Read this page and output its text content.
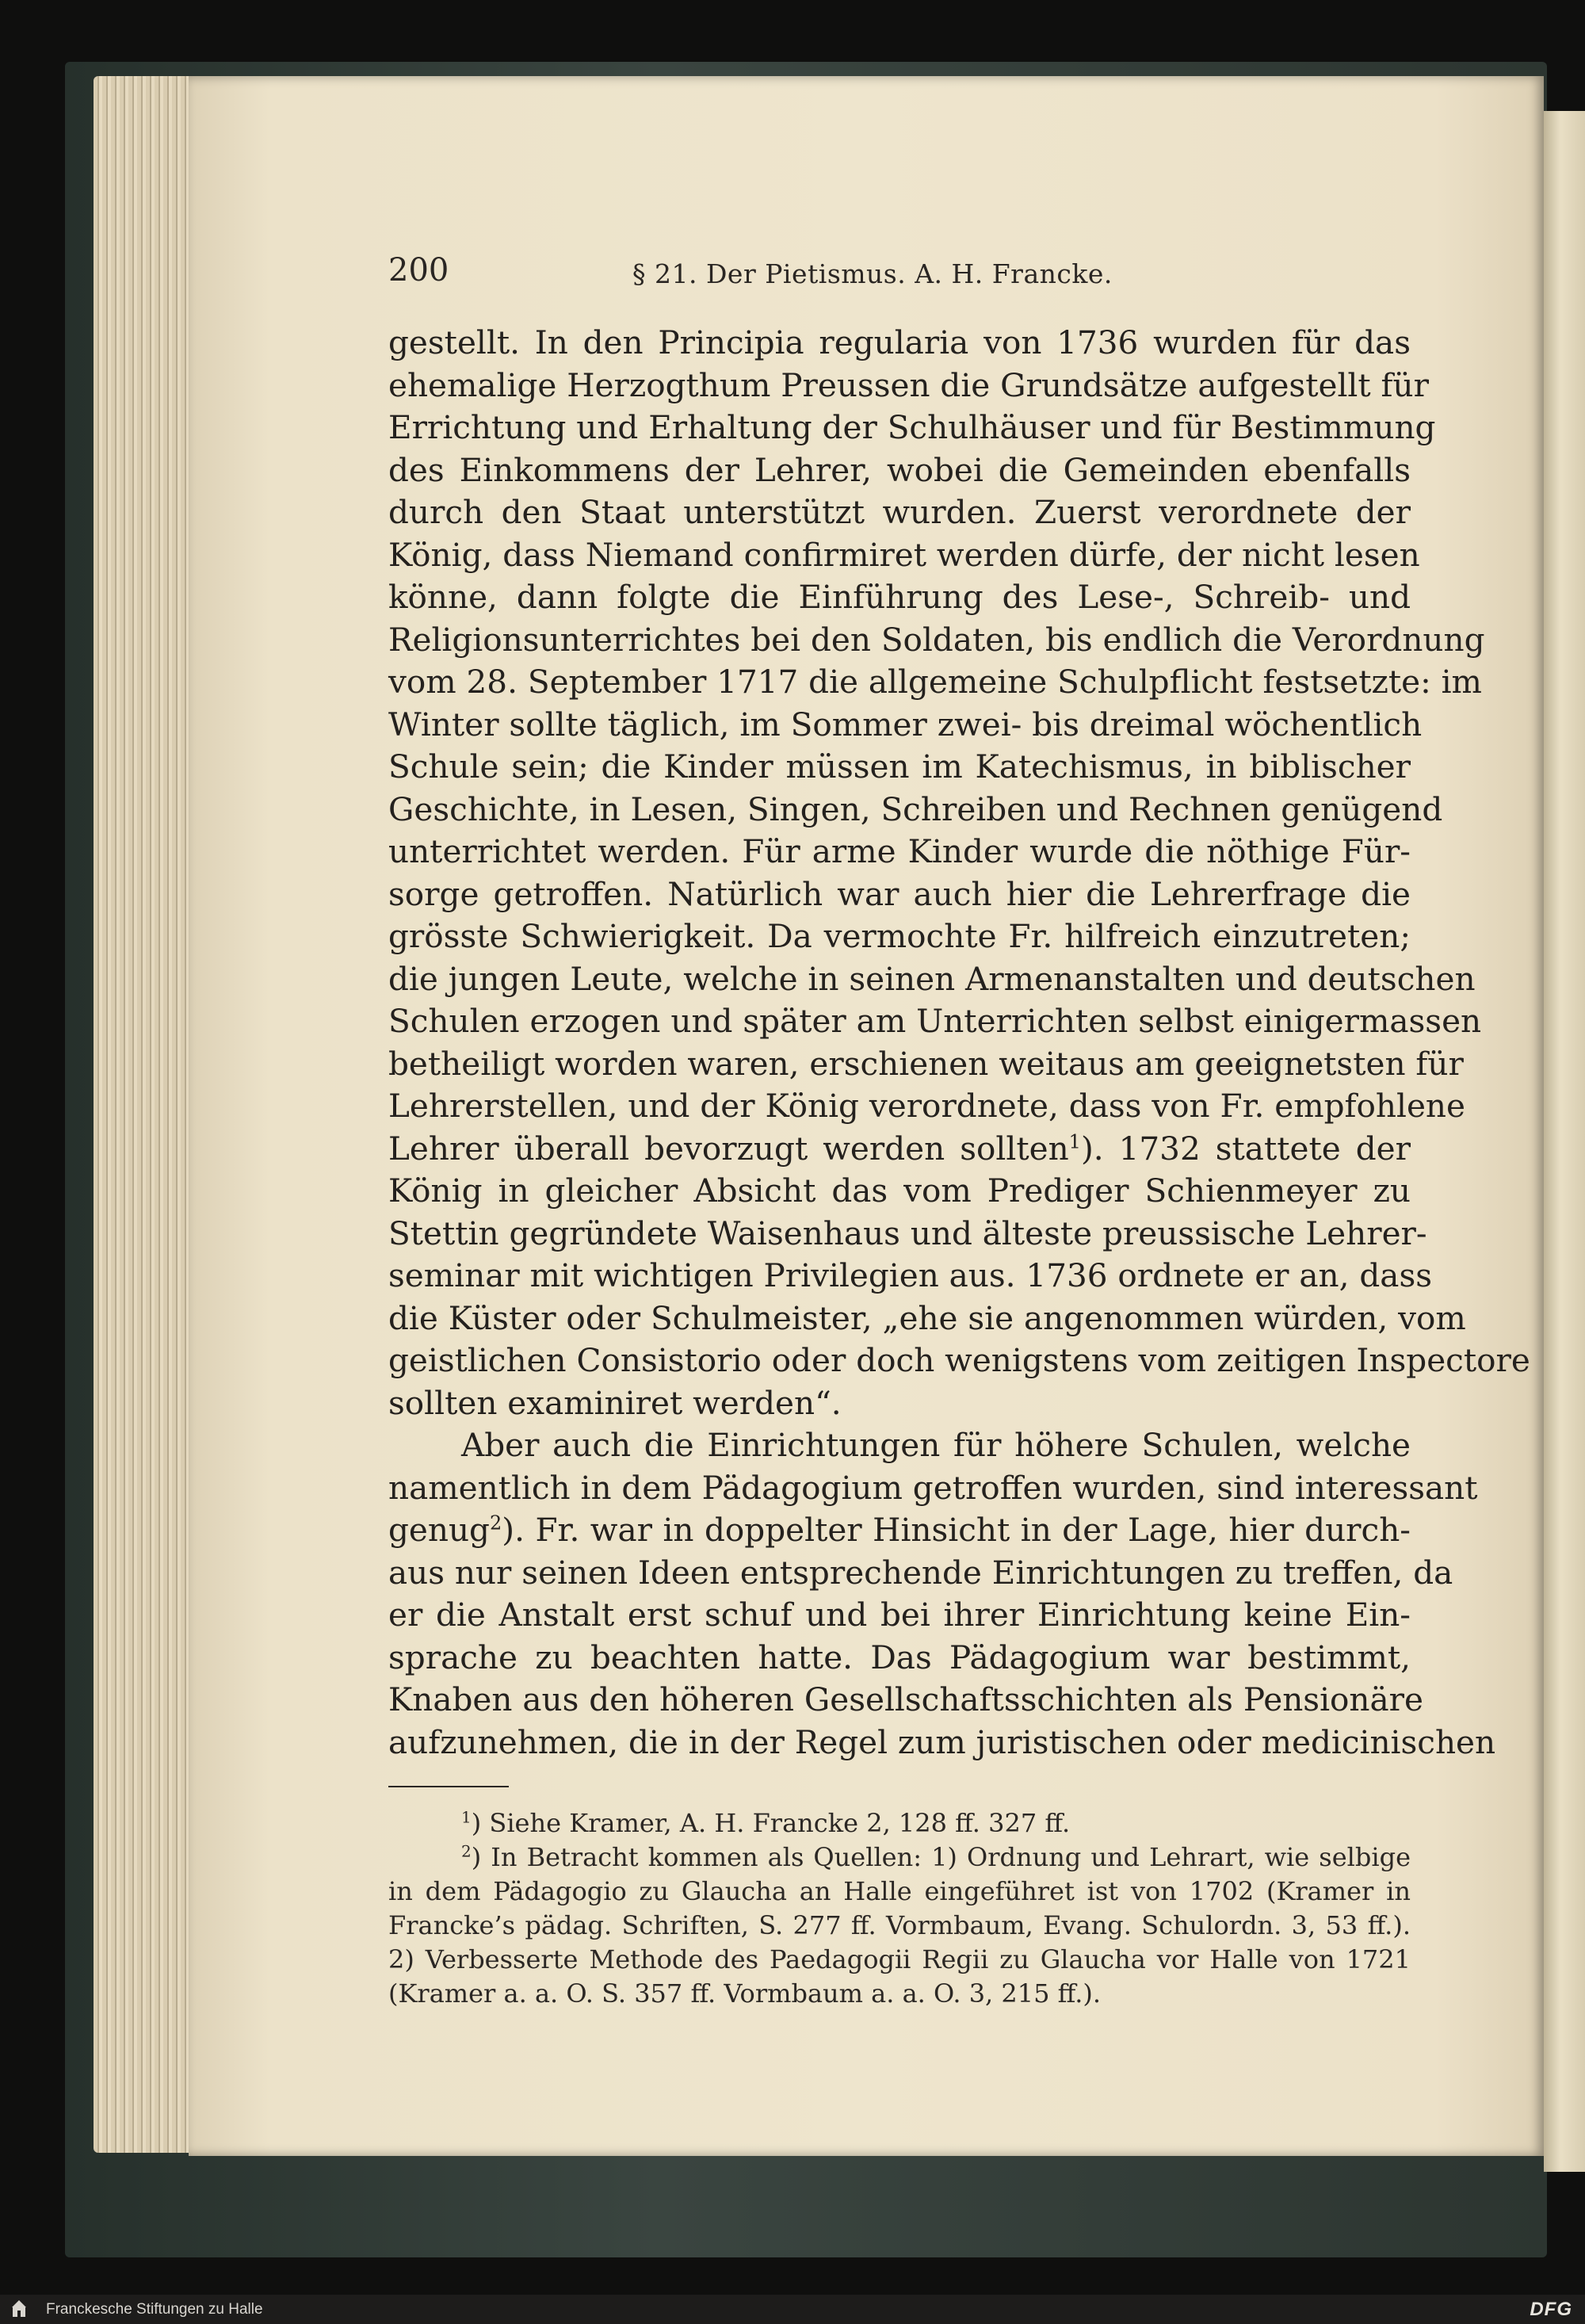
200	§ 21. Der Pietismus. A. H. Francke.
gestellt. In den Principia regularia von 1736 wurden für das
ehemalige Herzogthum Preussen die Grundsätze aufgestellt für
Errichtung und Erhaltung der Schulhäuser und für Bestimmung
des Einkommens der Lehrer, wobei die Gemeinden ebenfalls
durch den Staat unterstützt wurden. Zuerst verordnete der
König, dass Niemand confirmiret werden dürfe, der nicht lesen
könne, dann folgte die Einführung des Lese-, Schreib- und
Religionsunterrichtes bei den Soldaten, bis endlich die Verordnung
vom 28. September 1717 die allgemeine Schulpflicht festsetzte: im
Winter sollte täglich, im Sommer zwei- bis dreimal wöchentlich
Schule sein; die Kinder müssen im Katechismus, in biblischer
Geschichte, in Lesen, Singen, Schreiben und Rechnen genügend
unterrichtet werden. Für arme Kinder wurde die nöthige Für-
sorge getroffen. Natürlich war auch hier die Lehrerfrage die
grösste Schwierigkeit. Da vermochte Fr. hilfreich einzutreten;
die jungen Leute, welche in seinen Armenanstalten und deutschen
Schulen erzogen und später am Unterrichten selbst einigermassen
betheiligt worden waren, erschienen weitaus am geeignetsten für
Lehrerstellen, und der König verordnete, dass von Fr. empfohlene
Lehrer überall bevorzugt werden sollten$^1$). 1732 stattete der
König in gleicher Absicht das vom Prediger Schienmeyer zu
Stettin gegründete Waisenhaus und älteste preussische Lehrer-
seminar mit wichtigen Privilegien aus. 1736 ordnete er an, dass
die Küster oder Schulmeister, „ehe sie angenommen würden, vom
geistlichen Consistorio oder doch wenigstens vom zeitigen Inspectore
sollten examiniret werden“.
Aber auch die Einrichtungen für höhere Schulen, welche
namentlich in dem Pädagogium getroffen wurden, sind interessant
genug$^2$). Fr. war in doppelter Hinsicht in der Lage, hier durch-
aus nur seinen Ideen entsprechende Einrichtungen zu treffen, da
er die Anstalt erst schuf und bei ihrer Einrichtung keine Ein-
sprache zu beachten hatte. Das Pädagogium war bestimmt,
Knaben aus den höheren Gesellschaftsschichten als Pensionäre
aufzunehmen, die in der Regel zum juristischen oder medicinischen
$^1$) Siehe Kramer, A. H. Francke 2, 128 ff. 327 ff.
$^2$) In Betracht kommen als Quellen: 1) Ordnung und Lehrart, wie selbige
in dem Pädagogio zu Glaucha an Halle eingeführet ist von 1702 (Kramer in
Francke’s pädag. Schriften, S. 277 ff. Vormbaum, Evang. Schulordn. 3, 53 ff.).
2) Verbesserte Methode des Paedagogii Regii zu Glaucha vor Halle von 1721
(Kramer a. a. O. S. 357 ff. Vormbaum a. a. O. 3, 215 ff.).
Franckesche Stiftungen zu Halle	DFG
